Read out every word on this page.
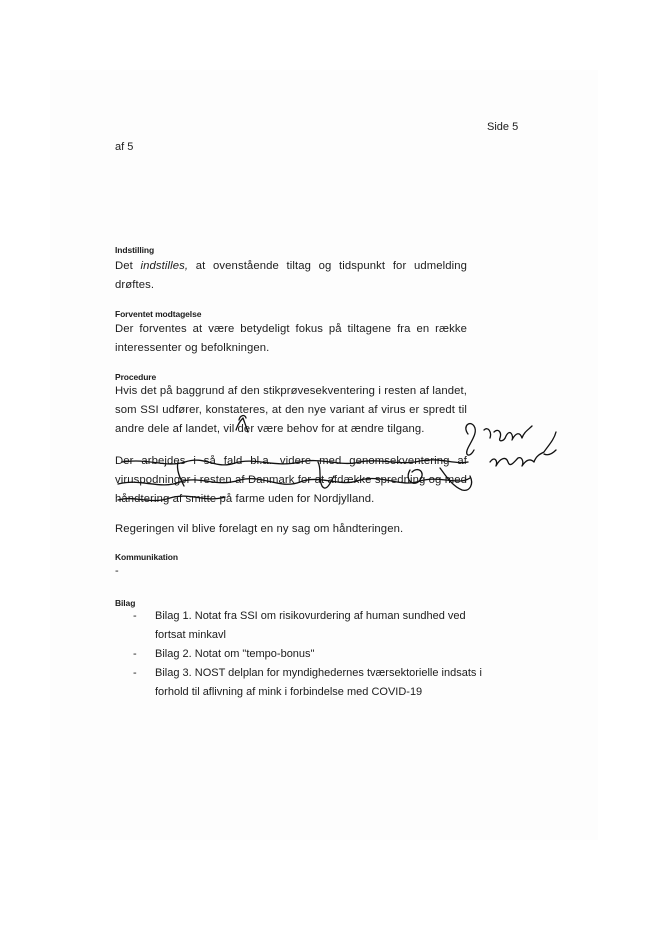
Side 5
af 5
Indstilling
Det indstilles, at ovenstående tiltag og tidspunkt for udmelding drøftes.
Forventet modtagelse
Der forventes at være betydeligt fokus på tiltagene fra en række interessenter og befolkningen.
Procedure
Hvis det på baggrund af den stikprøvesekventering i resten af landet, som SSI udfører, konstateres, at den nye variant af virus er spredt til andre dele af landet, vil der være behov for at ændre tilgang.
Der arbejdes i så fald bl.a. videre med genomsekventering af viruspodninger i resten af Danmark for at afdække spredning og med håndtering af smitte på farme uden for Nordjylland.
Regeringen vil blive forelagt en ny sag om håndteringen.
Kommunikation
-
Bilag
- Bilag 1. Notat fra SSI om risikovurdering af human sundhed ved fortsat minkavl
- Bilag 2. Notat om "tempo-bonus"
- Bilag 3. NOST delplan for myndighedernes tværsektorielle indsats i forhold til aflivning af mink i forbindelse med COVID-19
